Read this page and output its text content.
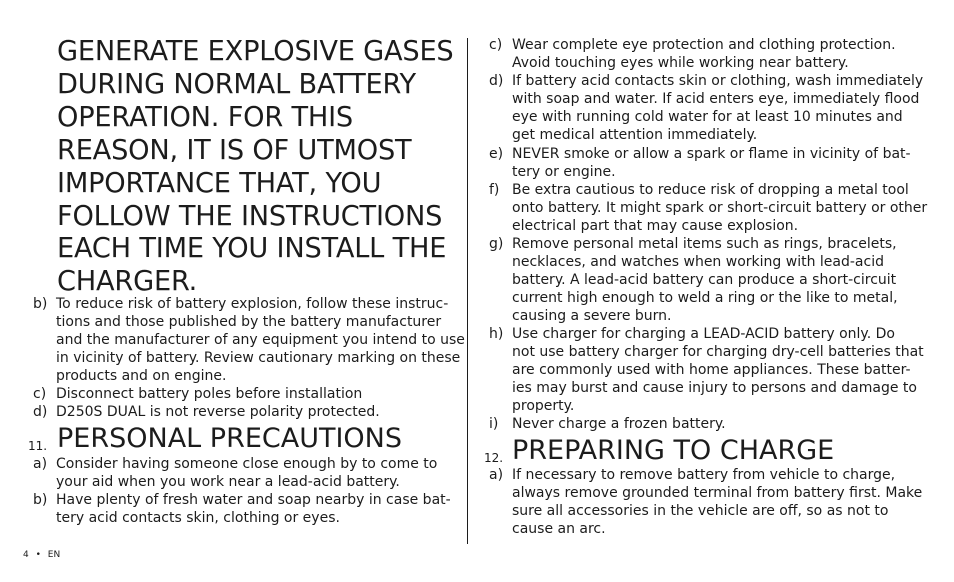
GENERATE EXPLOSIVE GASES
DURING NORMAL BATTERY
OPERATION. FOR THIS
REASON, IT IS OF UTMOST
IMPORTANCE THAT, YOU
FOLLOW THE INSTRUCTIONS
EACH TIME YOU INSTALL THE
CHARGER.
b) To reduce risk of battery explosion, follow these instruc-
tions and those published by the battery manufacturer
and the manufacturer of any equipment you intend to use
in vicinity of battery. Review cautionary marking on these
products and on engine.
c) Disconnect battery poles before installation
d) D250S DUAL is not reverse polarity protected.
11. PERSONAL PRECAUTIONS
a) Consider having someone close enough by to come to
your aid when you work near a lead-acid battery.
b) Have plenty of fresh water and soap nearby in case bat-
tery acid contacts skin, clothing or eyes.
c) Wear complete eye protection and clothing protection.
Avoid touching eyes while working near battery.
d) If battery acid contacts skin or clothing, wash immediately
with soap and water. If acid enters eye, immediately flood
eye with running cold water for at least 10 minutes and
get medical attention immediately.
e) NEVER smoke or allow a spark or flame in vicinity of bat-
tery or engine.
f) Be extra cautious to reduce risk of dropping a metal tool
onto battery. It might spark or short-circuit battery or other
electrical part that may cause explosion.
g) Remove personal metal items such as rings, bracelets,
necklaces, and watches when working with lead-acid
battery. A lead-acid battery can produce a short-circuit
current high enough to weld a ring or the like to metal,
causing a severe burn.
h) Use charger for charging a LEAD-ACID battery only. Do
not use battery charger for charging dry-cell batteries that
are commonly used with home appliances. These batter-
ies may burst and cause injury to persons and damage to
property.
i) Never charge a frozen battery.
12. PREPARING TO CHARGE
a) If necessary to remove battery from vehicle to charge,
always remove grounded terminal from battery first. Make
sure all accessories in the vehicle are off, so as not to
cause an arc.
4 • EN
